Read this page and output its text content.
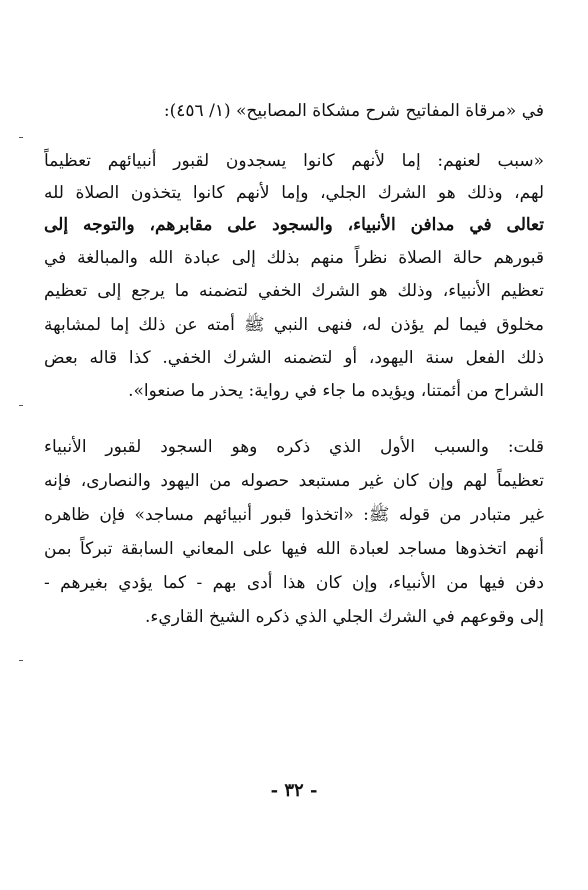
في «مرقاة المفاتيح شرح مشكاة المصابيح» (١/ ٤٥٦):
«سبب لعنهم: إما لأنهم كانوا يسجدون لقبور أنبيائهم تعظيماً
لهم، وذلك هو الشرك الجلي، وإما لأنهم كانوا يتخذون الصلاة لله
تعالى في مدافن الأنبياء، والسجود على مقابرهم، والتوجه إلى
قبورهم حالة الصلاة نظراً منهم بذلك إلى عبادة الله والمبالغة في
تعظيم الأنبياء، وذلك هو الشرك الخفي لتضمنه ما يرجع إلى تعظيم
مخلوق فيما لم يؤذن له، فنهى النبي ﷺ أمته عن ذلك إما لمشابهة
ذلك الفعل سنة اليهود، أو لتضمنه الشرك الخفي. كذا قاله بعض
الشراح من أئمتنا، ويؤيده ما جاء في رواية: يحذر ما صنعوا».
قلت: والسبب الأول الذي ذكره وهو السجود لقبور الأنبياء
تعظيماً لهم وإن كان غير مستبعد حصوله من اليهود والنصارى، فإنه
غير متبادر من قوله ﷺ: «اتخذوا قبور أنبيائهم مساجد» فإن ظاهره
أنهم اتخذوها مساجد لعبادة الله فيها على المعاني السابقة تبركاً بمن
دفن فيها من الأنبياء، وإن كان هذا أدى بهم - كما يؤدي بغيرهم -
إلى وقوعهم في الشرك الجلي الذي ذكره الشيخ القاريء.
- ٣٢ -
